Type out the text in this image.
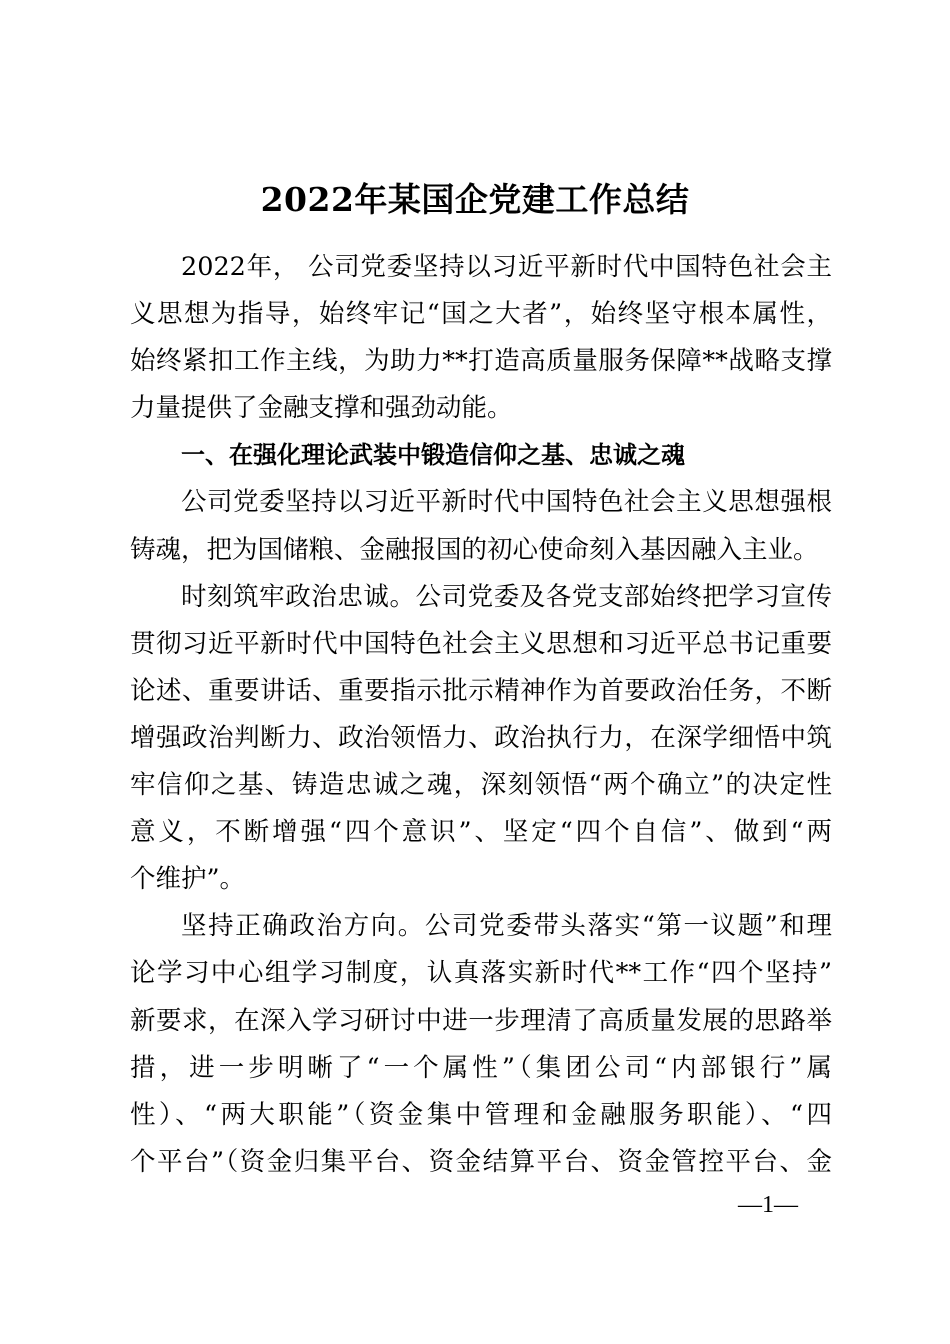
2022年某国企党建工作总结
2022年， 公司党委坚持以习近平新时代中国特色社会主
义思想为指导，始终牢记“国之大者”，始终坚守根本属性，
始终紧扣工作主线，为助力**打造高质量服务保障**战略支撑
力量提供了金融支撑和强劲动能。
一、在强化理论武装中锻造信仰之基、忠诚之魂
公司党委坚持以习近平新时代中国特色社会主义思想强根
铸魂，把为国储粮、金融报国的初心使命刻入基因融入主业。
时刻筑牢政治忠诚。公司党委及各党支部始终把学习宣传
贯彻习近平新时代中国特色社会主义思想和习近平总书记重要
论述、重要讲话、重要指示批示精神作为首要政治任务，不断
增强政治判断力、政治领悟力、政治执行力，在深学细悟中筑
牢信仰之基、铸造忠诚之魂，深刻领悟“两个确立”的决定性
意义，不断增强“四个意识”、坚定“四个自信”、做到“两
个维护”。
坚持正确政治方向。公司党委带头落实“第一议题”和理
论学习中心组学习制度，认真落实新时代**工作“四个坚持”
新要求，在深入学习研讨中进一步理清了高质量发展的思路举
措，进一步明晰了“一个属性”（集团公司“内部银行”属
性）、“两大职能”（资金集中管理和金融服务职能）、“四
个平台”（资金归集平台、资金结算平台、资金管控平台、金
—1—
